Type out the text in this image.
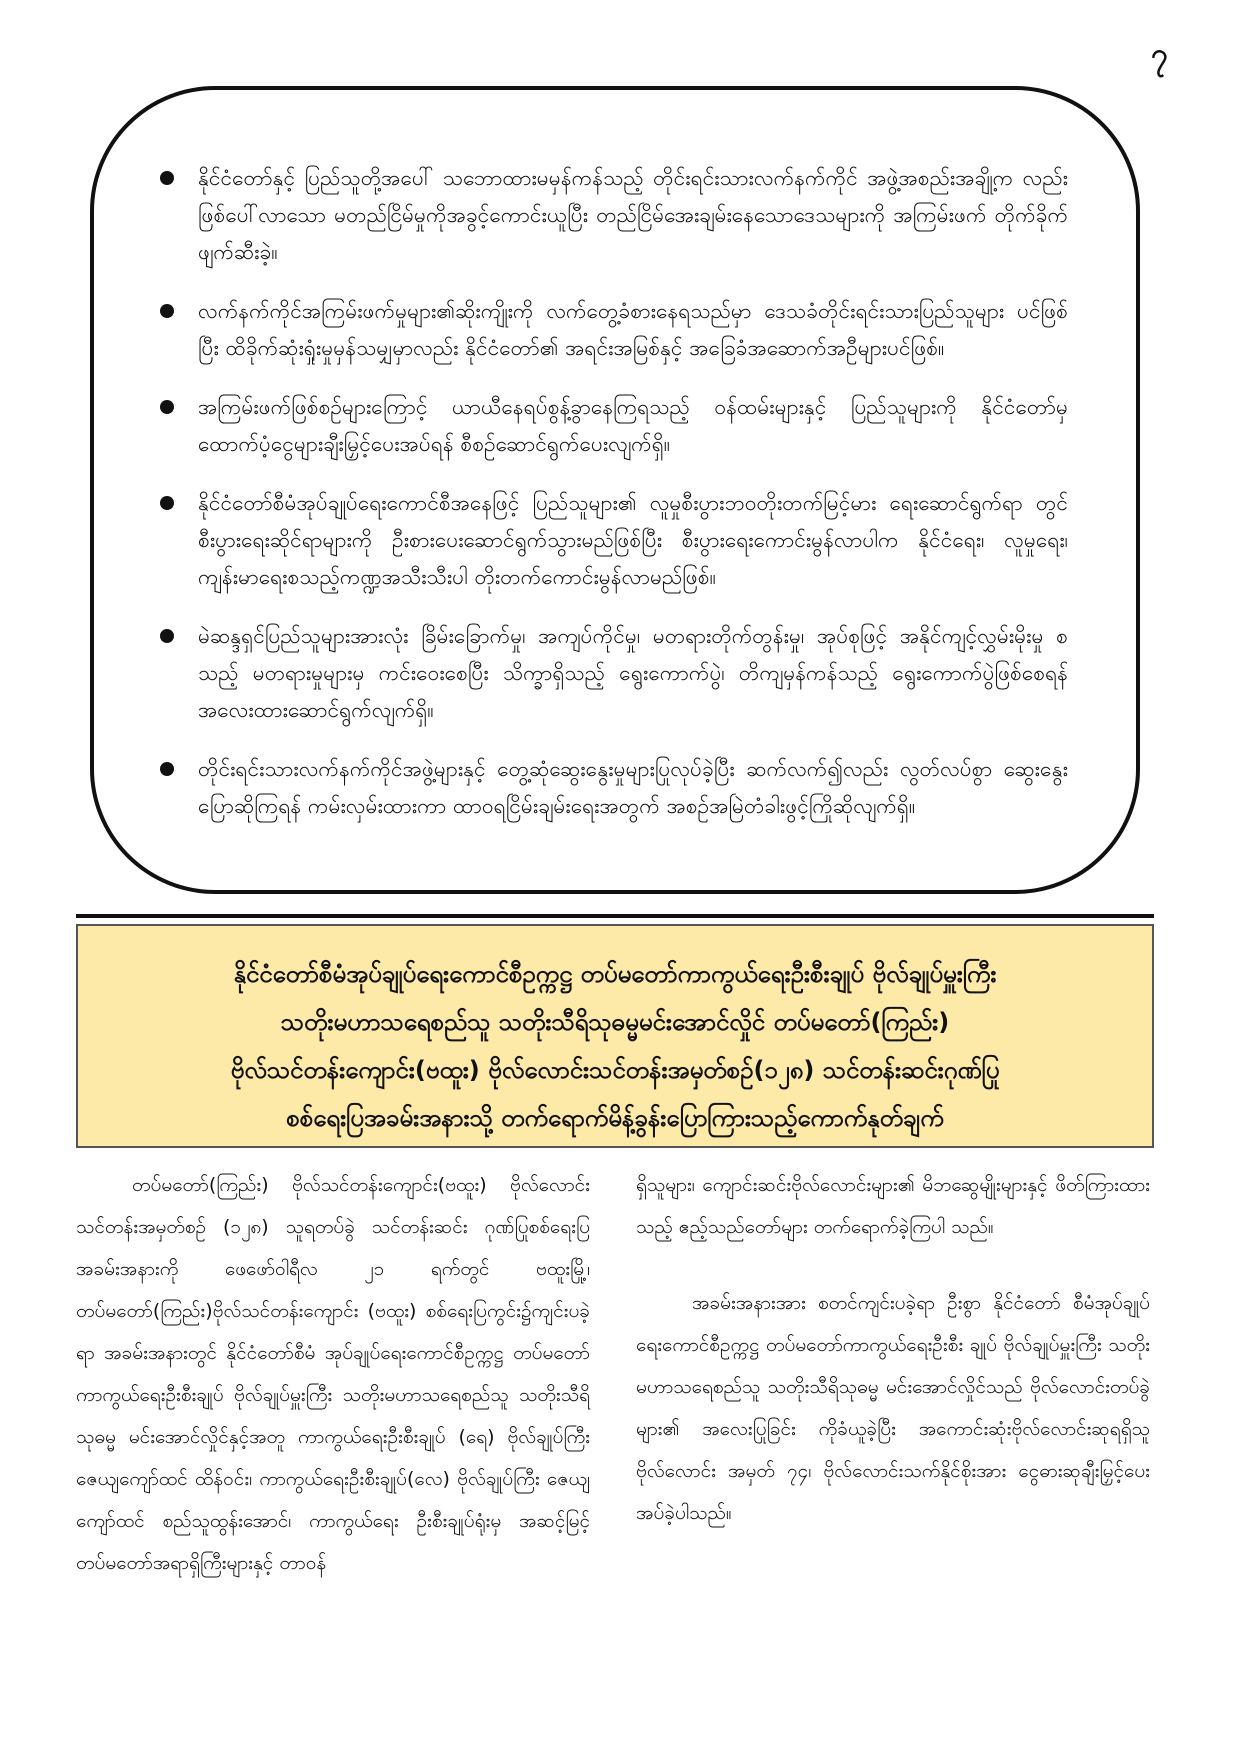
၇
နိုင်ငံတော်နှင့် ပြည်သူတို့အပေါ် သဘောထားမမှန်ကန်သည့် တိုင်းရင်းသားလက်နက်ကိုင် အဖွဲ့အစည်းအချို့က လည်း ဖြစ်ပေါ်လာသော မတည်ငြိမ်မှုကိုအခွင့်ကောင်းယူပြီး တည်ငြိမ်အေးချမ်းနေသောဒေသများကို အကြမ်းဖက် တိုက်ခိုက်ဖျက်ဆီးခဲ့။
လက်နက်ကိုင်အကြမ်းဖက်မှုများ၏ဆိုးကျိုးကို လက်တွေ့ခံစားနေရသည်မှာ ဒေသခံတိုင်းရင်းသားပြည်သူများ ပင်ဖြစ်ပြီး ထိခိုက်ဆုံးရှုံးမှုမှန်သမျှမှာလည်း နိုင်ငံတော်၏ အရင်းအမြစ်နှင့် အခြေခံအဆောက်အဦများပင်ဖြစ်။
အကြမ်းဖက်ဖြစ်စဉ်များကြောင့် ယာယီနေရပ်စွန့်ခွာနေကြရသည့် ဝန်ထမ်းများနှင့် ပြည်သူများကို နိုင်ငံတော်မှ ထောက်ပံ့ငွေများချီးမြှင့်ပေးအပ်ရန် စီစဉ်ဆောင်ရွက်ပေးလျက်ရှိ။
နိုင်ငံတော်စီမံအုပ်ချုပ်ရေးကောင်စီအနေဖြင့် ပြည်သူများ၏ လူမှုစီးပွားဘဝတိုးတက်မြင့်မား ရေးဆောင်ရွက်ရာ တွင် စီးပွားရေးဆိုင်ရာများကို ဦးစားပေးဆောင်ရွက်သွားမည်ဖြစ်ပြီး စီးပွားရေးကောင်းမွန်လာပါက နိုင်ငံရေး၊ လူမှုရေး၊ ကျန်းမာရေးစသည့်ကဏ္ဍအသီးသီးပါ တိုးတက်ကောင်းမွန်လာမည်ဖြစ်။
မဲဆန္ဒရှင်ပြည်သူများအားလုံး ခြိမ်းခြောက်မှု၊ အကျပ်ကိုင်မှု၊ မတရားတိုက်တွန်းမှု၊ အုပ်စုဖြင့် အနိုင်ကျင့်လွှမ်းမိုးမှု စသည့် မတရားမှုများမှ ကင်းဝေးစေပြီး သိက္ခာရှိသည့် ရွေးကောက်ပွဲ၊ တိကျမှန်ကန်သည့် ရွေးကောက်ပွဲဖြစ်စေရန် အလေးထားဆောင်ရွက်လျက်ရှိ။
တိုင်းရင်းသားလက်နက်ကိုင်အဖွဲ့များနှင့် တွေ့ဆုံဆွေးနွေးမှုများပြုလုပ်ခဲ့ပြီး ဆက်လက်၍လည်း လွတ်လပ်စွာ ဆွေးနွေးပြောဆိုကြရန် ကမ်းလှမ်းထားကာ ထာဝရငြိမ်းချမ်းရေးအတွက် အစဉ်အမြဲတံခါးဖွင့်ကြိုဆိုလျက်ရှိ။
နိုင်ငံတော်စီမံအုပ်ချုပ်ရေးကောင်စီဥက္ကဋ္ဌ တပ်မတော်ကာကွယ်ရေးဦးစီးချုပ် ဗိုလ်ချုပ်မှူးကြီး
သတိုးမဟာသရေစည်သူ သတိုးသီရိသုဓမ္မမင်းအောင်လှိုင် တပ်မတော်(ကြည်း)
ဗိုလ်သင်တန်းကျောင်း(ဗထူး) ဗိုလ်လောင်းသင်တန်းအမှတ်စဉ်(၁၂၈) သင်တန်းဆင်းဂုဏ်ပြု
စစ်ရေးပြအခမ်းအနားသို့ တက်ရောက်မိန့်ခွန်းပြောကြားသည့်ကောက်နုတ်ချက်

တပ်မတော်(ကြည်း) ဗိုလ်သင်တန်းကျောင်း(ဗထူး) ဗိုလ်လောင်းသင်တန်းအမှတ်စဉ် (၁၂၈) သူရတပ်ခွဲ သင်တန်းဆင်း ဂုဏ်ပြုစစ်ရေးပြအခမ်းအနားကို ဖေဖော်ဝါရီလ ၂၁ ရက်တွင် ဗထူးမြို့၊ တပ်မတော်(ကြည်း)ဗိုလ်သင်တန်းကျောင်း (ဗထူး) စစ်ရေးပြကွင်း၌ကျင်းပခဲ့ရာ အခမ်းအနားတွင် နိုင်ငံတော်စီမံ အုပ်ချုပ်ရေးကောင်စီဥက္ကဋ္ဌ တပ်မတော်ကာကွယ်ရေးဦးစီးချုပ် ဗိုလ်ချုပ်မှူးကြီး သတိုးမဟာသရေစည်သူ သတိုးသီရိသုဓမ္မ မင်းအောင်လှိုင်နှင့်အတူ ကာကွယ်ရေးဦးစီးချုပ် (ရေ) ဗိုလ်ချုပ်ကြီး ဇေယျကျော်ထင် ထိန်ဝင်း၊ ကာကွယ်ရေးဦးစီးချုပ်(လေ) ဗိုလ်ချုပ်ကြီး ဇေယျကျော်ထင် စည်သူထွန်းအောင်၊ ကာကွယ်ရေး ဦးစီးချုပ်ရုံးမှ အဆင့်မြင့်တပ်မတော်အရာရှိကြီးများနှင့် တာဝန်

ရှိသူများ၊ ကျောင်းဆင်းဗိုလ်လောင်းများ၏ မိဘဆွေမျိုးများနှင့် ဖိတ်ကြားထားသည့် ဧည့်သည်တော်များ တက်ရောက်ခဲ့ကြပါ သည်။

အခမ်းအနားအား စတင်ကျင်းပခဲ့ရာ ဦးစွာ နိုင်ငံတော် စီမံအုပ်ချုပ်ရေးကောင်စီဥက္ကဋ္ဌ တပ်မတော်ကာကွယ်ရေးဦးစီး ချုပ် ဗိုလ်ချုပ်မှူးကြီး သတိုးမဟာသရေစည်သူ သတိုးသီရိသုဓမ္မ မင်းအောင်လှိုင်သည် ဗိုလ်လောင်းတပ်ခွဲများ၏ အလေးပြုခြင်း ကိုခံယူခဲ့ပြီး အကောင်းဆုံးဗိုလ်လောင်းဆုရရှိသူ ဗိုလ်လောင်း အမှတ် ၇၄၊ ဗိုလ်လောင်းသက်နိုင်စိုးအား ငွေဓားဆုချီးမြှင့်ပေး အပ်ခဲ့ပါသည်။
